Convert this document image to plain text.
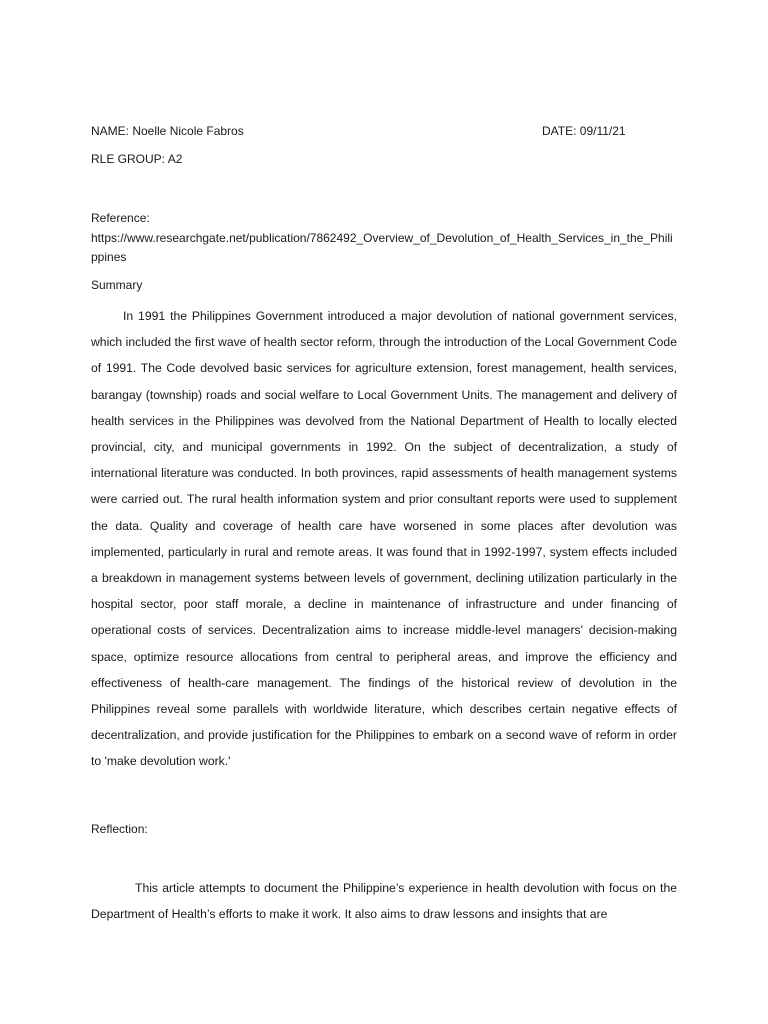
NAME: Noelle Nicole Fabros	DATE: 09/11/21
RLE GROUP: A2
Reference:
https://www.researchgate.net/publication/7862492_Overview_of_Devolution_of_Health_Services_in_the_Philippines
Summary

In 1991 the Philippines Government introduced a major devolution of national government services, which included the first wave of health sector reform, through the introduction of the Local Government Code of 1991. The Code devolved basic services for agriculture extension, forest management, health services, barangay (township) roads and social welfare to Local Government Units. The management and delivery of health services in the Philippines was devolved from the National Department of Health to locally elected provincial, city, and municipal governments in 1992. On the subject of decentralization, a study of international literature was conducted. In both provinces, rapid assessments of health management systems were carried out. The rural health information system and prior consultant reports were used to supplement the data. Quality and coverage of health care have worsened in some places after devolution was implemented, particularly in rural and remote areas. It was found that in 1992-1997, system effects included a breakdown in management systems between levels of government, declining utilization particularly in the hospital sector, poor staff morale, a decline in maintenance of infrastructure and under financing of operational costs of services. Decentralization aims to increase middle-level managers' decision-making space, optimize resource allocations from central to peripheral areas, and improve the efficiency and effectiveness of health-care management. The findings of the historical review of devolution in the Philippines reveal some parallels with worldwide literature, which describes certain negative effects of decentralization, and provide justification for the Philippines to embark on a second wave of reform in order to 'make devolution work.'

Reflection:

This article attempts to document the Philippine’s experience in health devolution with focus on the Department of Health’s efforts to make it work. It also aims to draw lessons and insights that are
